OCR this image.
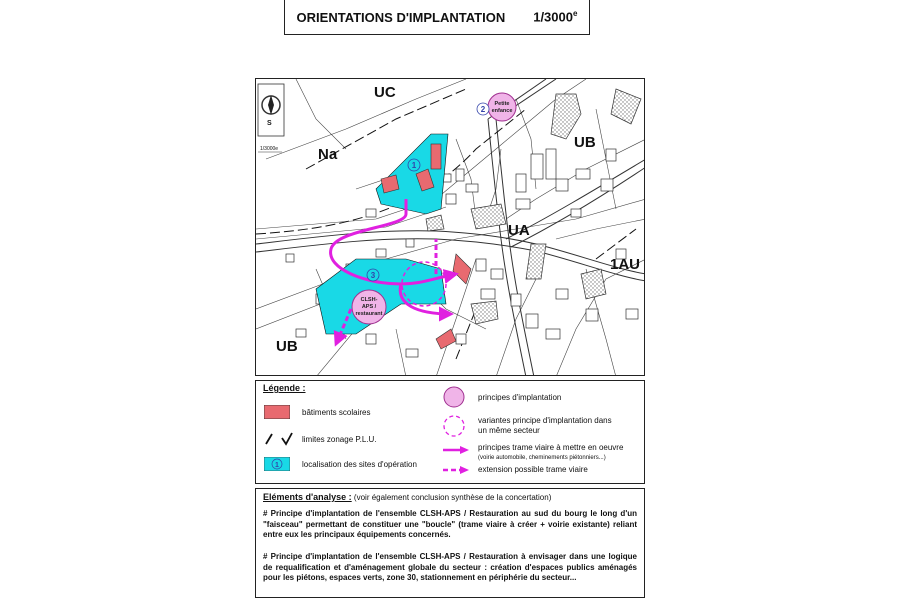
ORIENTATIONS D'IMPLANTATION 1/3000e
S
1/3000e
Petite
enfance
CLSH-
APS /
restaurant
1
2
3
UC
UB
Na
UA
1AU
UB
Légende :
bâtiments scolaires
limites zonage P.L.U.
1	localisation des sites d'opération
principes d'implantation
variantes principe d'implantation dans
un même secteur
principes trame viaire à mettre en oeuvre
(voirie automobile, cheminements piétonniers...)
extension possible trame viaire
Eléments d'analyse : (voir également conclusion synthèse de la concertation)
# Principe d'implantation de l'ensemble CLSH-APS / Restauration au sud du bourg le long d'un "faisceau" permettant de constituer une "boucle" (trame viaire à créer + voirie existante) reliant entre eux les principaux équipements concernés.
# Principe d'implantation de l'ensemble CLSH-APS / Restauration à envisager dans une logique de requalification et d'aménagement globale du secteur : création d'espaces publics aménagés pour les piétons, espaces verts, zone 30, stationnement en périphérie du secteur...
